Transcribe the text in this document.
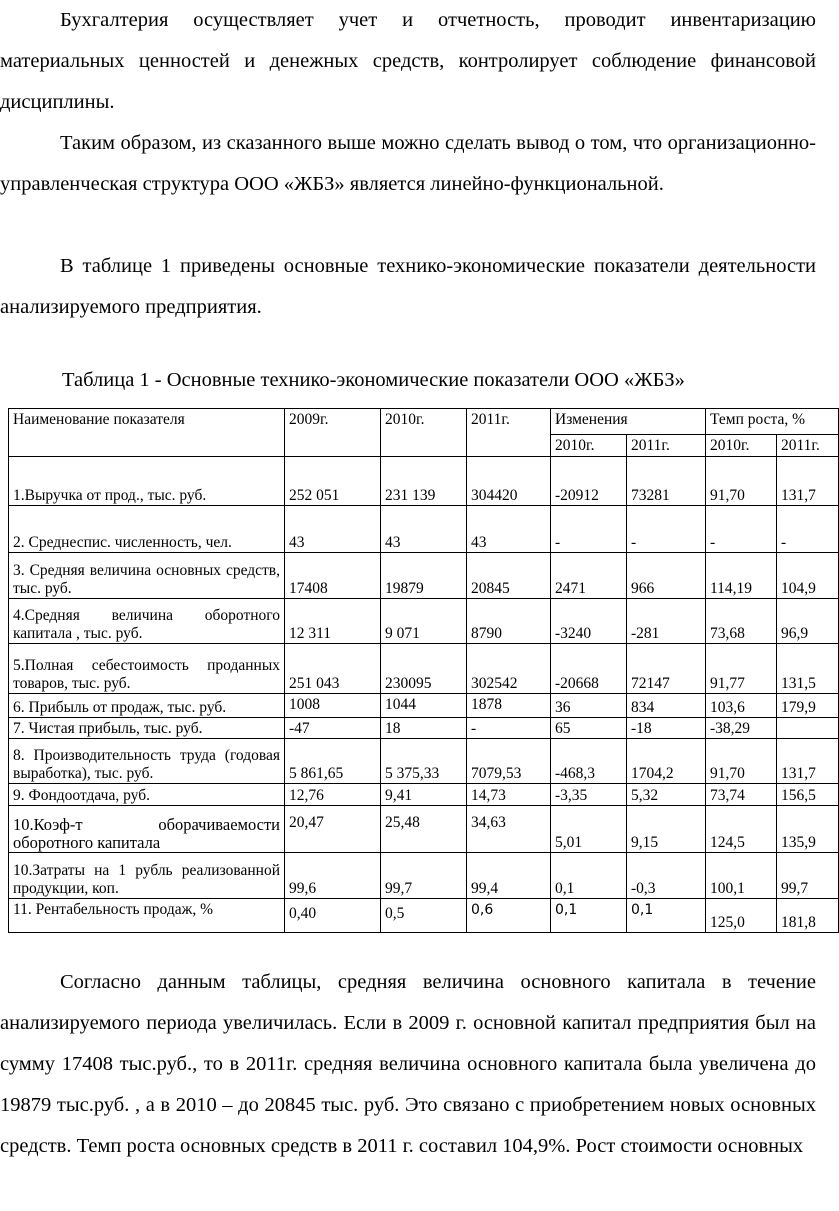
Бухгалтерия осуществляет учет и отчетность, проводит инвентаризацию материальных ценностей и денежных средств, контролирует соблюдение финансовой дисциплины.

Таким образом, из сказанного выше можно сделать вывод о том, что организационно-управленческая структура ООО «ЖБЗ» является линейно-функциональной.

В таблице 1 приведены основные технико-экономические показатели деятельности анализируемого предприятия.

Таблица 1 - Основные технико-экономические показатели ООО «ЖБЗ»

Наименование показателя	2009г.	2010г.	2011г.	Изменения		Темп роста, %	
				2010г.	2011г.	2010г.	2011г.
1.Выручка от прод., тыс. руб.	252 051	231 139	304420	-20912	73281	91,70	131,7
2. Среднеспис. численность, чел.	43	43	43	-	-	-	-
3. Средняя величина основных средств, тыс. руб.	17408	19879	20845	2471	966	114,19	104,9
4.Средняя величина оборотного капитала , тыс. руб.	12 311	9 071	8790	-3240	-281	73,68	96,9
5.Полная себестоимость проданных товаров, тыс. руб.	251 043	230095	302542	-20668	72147	91,77	131,5
6. Прибыль от продаж, тыс. руб.	1008	1044	1878	36	834	103,6	179,9
7. Чистая прибыль, тыс. руб.	-47	18	-	65	-18	-38,29	
8. Производительность труда (годовая выработка), тыс. руб.	5 861,65	5 375,33	7079,53	-468,3	1704,2	91,70	131,7
9. Фондоотдача, руб.	12,76	9,41	14,73	-3,35	5,32	73,74	156,5
10.Коэф-т оборачиваемости оборотного капитала	20,47	25,48	34,63	5,01	9,15	124,5	135,9
10.Затраты на 1 рубль реализованной продукции, коп.	99,6	99,7	99,4	0,1	-0,3	100,1	99,7
11. Рентабельность продаж, %	0,40	0,5	0,6	0,1	0,1	125,0	181,8

Согласно данным таблицы, средняя величина основного капитала в течение анализируемого периода увеличилась. Если в 2009 г. основной капитал предприятия был на сумму 17408 тыс.руб., то в 2011г. средняя величина основного капитала была увеличена до 19879 тыс.руб. , а в 2010 – до 20845 тыс. руб. Это связано с приобретением новых основных средств. Темп роста основных средств в 2011 г. составил 104,9%. Рост стоимости основных
